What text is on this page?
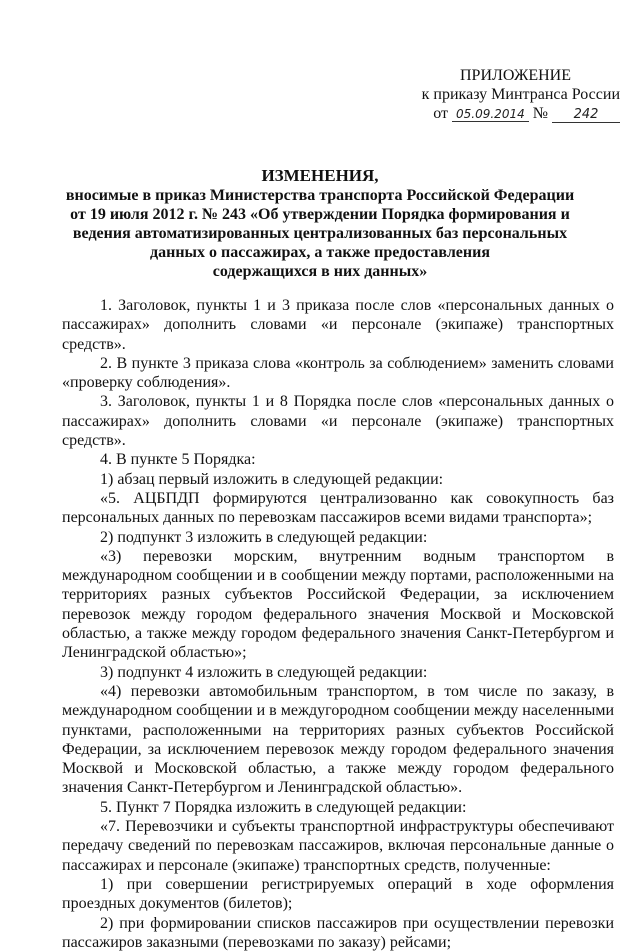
ПРИЛОЖЕНИЕ
к приказу Минтранса России
от 05.09.2014 № 242
ИЗМЕНЕНИЯ,
вносимые в приказ Министерства транспорта Российской Федерации
от 19 июля 2012 г. № 243 «Об утверждении Порядка формирования и
ведения автоматизированных централизованных баз персональных
данных о пассажирах, а также предоставления
содержащихся в них данных»

1. Заголовок, пункты 1 и 3 приказа после слов «персональных данных о пассажирах» дополнить словами «и персонале (экипаже) транспортных средств».

2. В пункте 3 приказа слова «контроль за соблюдением» заменить словами «проверку соблюдения».

3. Заголовок, пункты 1 и 8 Порядка после слов «персональных данных о пассажирах» дополнить словами «и персонале (экипаже) транспортных средств».

4. В пункте 5 Порядка:

1) абзац первый изложить в следующей редакции:

«5. АЦБПДП формируются централизованно как совокупность баз персональных данных по перевозкам пассажиров всеми видами транспорта»;

2) подпункт 3 изложить в следующей редакции:

«3) перевозки морским, внутренним водным транспортом в международном сообщении и в сообщении между портами, расположенными на территориях разных субъектов Российской Федерации, за исключением перевозок между городом федерального значения Москвой и Московской областью, а также между городом федерального значения Санкт-Петербургом и Ленинградской областью»;

3) подпункт 4 изложить в следующей редакции:

«4) перевозки автомобильным транспортом, в том числе по заказу, в международном сообщении и в междугородном сообщении между населенными пунктами, расположенными на территориях разных субъектов Российской Федерации, за исключением перевозок между городом федерального значения Москвой и Московской областью, а также между городом федерального значения Санкт-Петербургом и Ленинградской областью».

5. Пункт 7 Порядка изложить в следующей редакции:

«7. Перевозчики и субъекты транспортной инфраструктуры обеспечивают передачу сведений по перевозкам пассажиров, включая персональные данные о пассажирах и персонале (экипаже) транспортных средств, полученные:

1) при совершении регистрируемых операций в ходе оформления проездных документов (билетов);

2) при формировании списков пассажиров при осуществлении перевозки пассажиров заказными (перевозками по заказу) рейсами;
